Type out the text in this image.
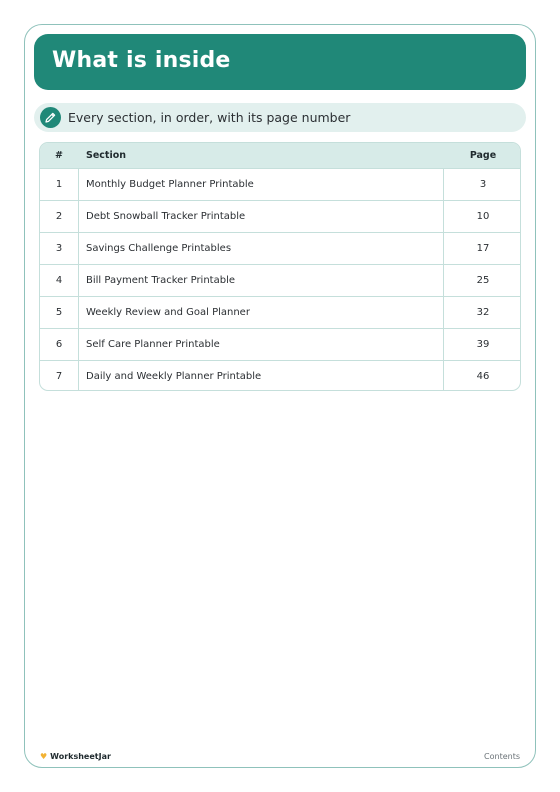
What is inside
Every section, in order, with its page number
#	Section	Page
1	Monthly Budget Planner Printable	3
2	Debt Snowball Tracker Printable	10
3	Savings Challenge Printables	17
4	Bill Payment Tracker Printable	25
5	Weekly Review and Goal Planner	32
6	Self Care Planner Printable	39
7	Daily and Weekly Planner Printable	46
♥ WorksheetJar	Contents
